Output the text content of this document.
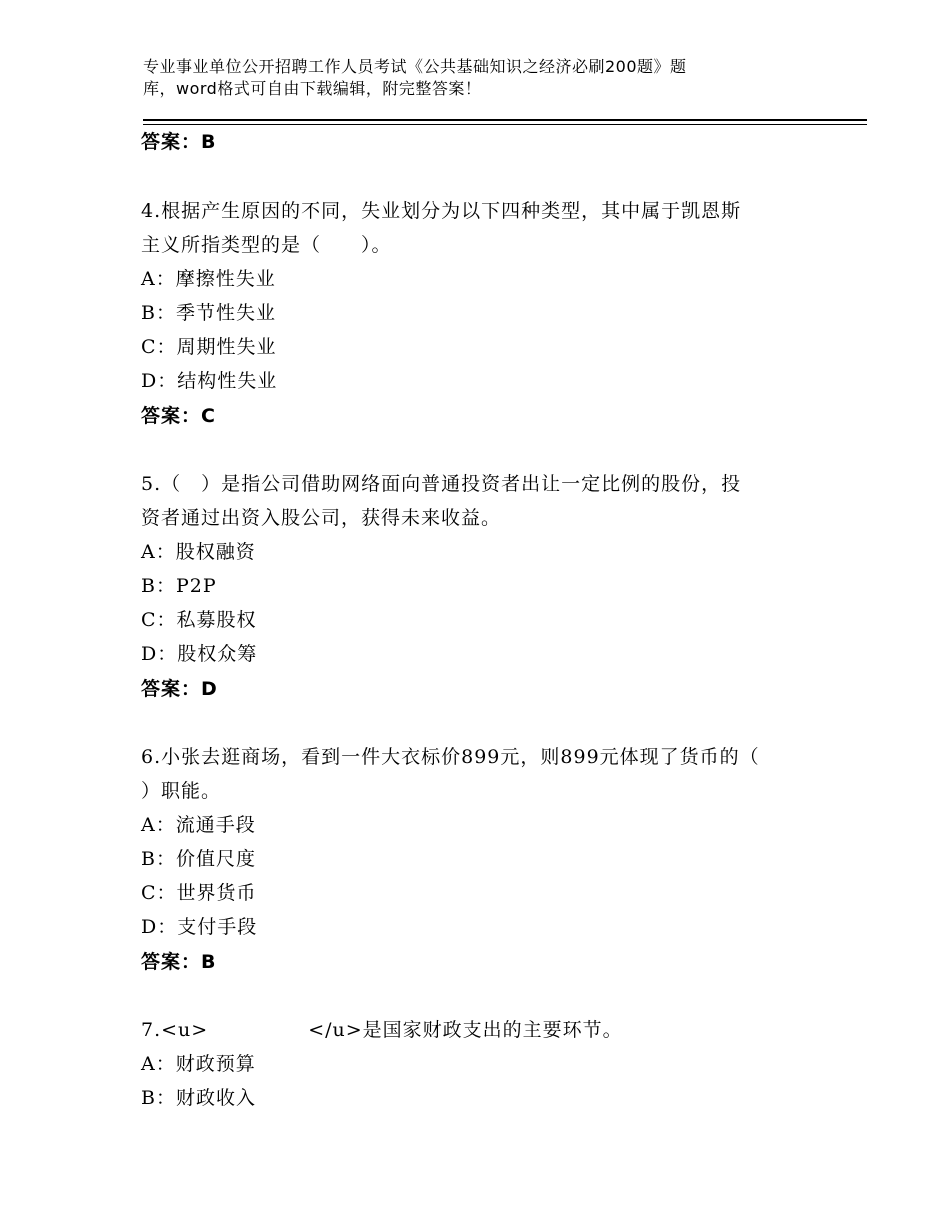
专业事业单位公开招聘工作人员考试《公共基础知识之经济必刷200题》题
库，word格式可自由下载编辑，附完整答案！
答案：B
4.根据产生原因的不同，失业划分为以下四种类型，其中属于凯恩斯
主义所指类型的是（　　）。
A：摩擦性失业
B：季节性失业
C：周期性失业
D：结构性失业
答案：C
5.（　）是指公司借助网络面向普通投资者出让一定比例的股份，投
资者通过出资入股公司，获得未来收益。
A：股权融资
B：P2P
C：私募股权
D：股权众筹
答案：D
6.小张去逛商场，看到一件大衣标价899元，则899元体现了货币的（
）职能。
A：流通手段
B：价值尺度
C：世界货币
D：支付手段
答案：B
7.<u>　　　　　</u>是国家财政支出的主要环节。
A：财政预算
B：财政收入
